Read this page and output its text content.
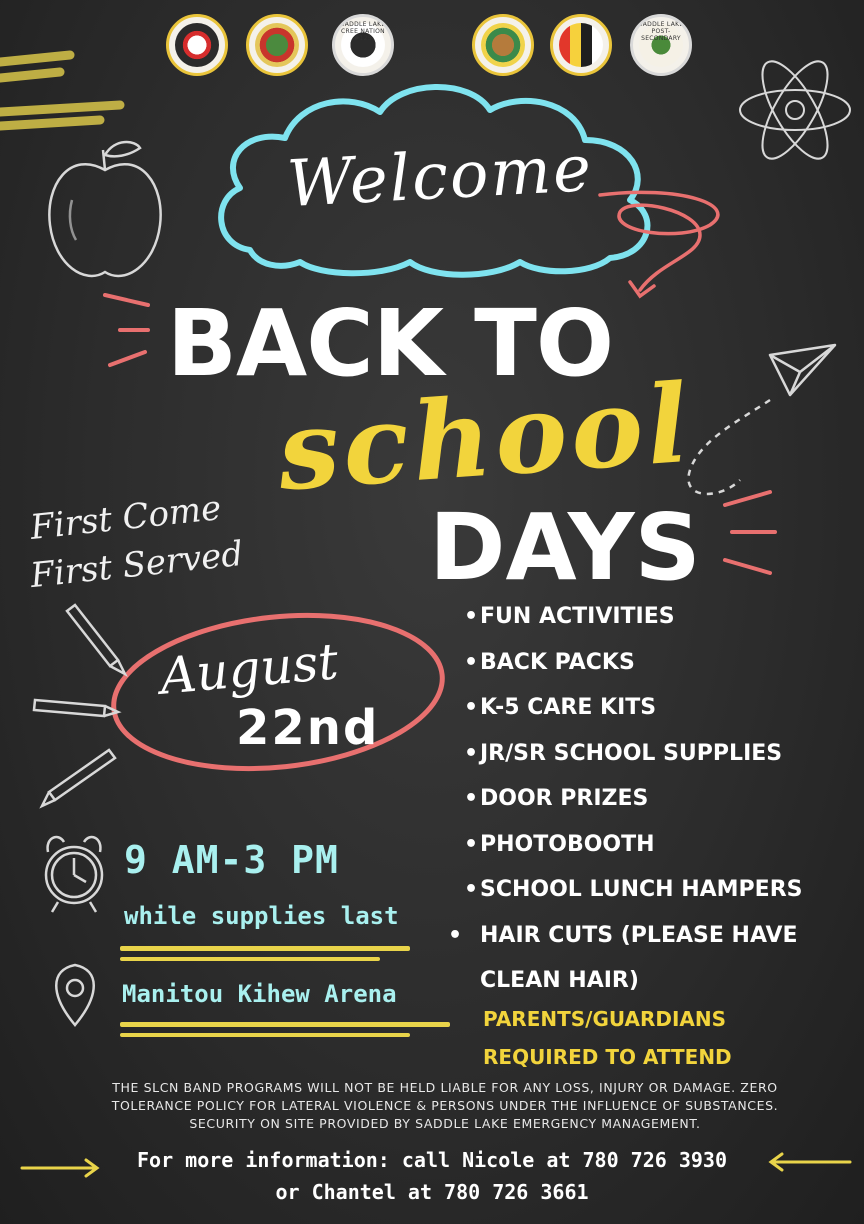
SADDLE LAKE CREE NATION #125
SADDLE LAKE POST-SECONDARY
Welcome
BACK TO
school
DAYS
First Come
First Served
August
22nd
9 AM-3 PM
while supplies last
Manitou Kihew Arena
•FUN ACTIVITIES
•BACK PACKS
•K-5 CARE KITS
•JR/SR SCHOOL SUPPLIES
•DOOR PRIZES
•PHOTOBOOTH
•SCHOOL LUNCH HAMPERS
• HAIR CUTS (PLEASE HAVE CLEAN HAIR)
PARENTS/GUARDIANS
REQUIRED TO ATTEND
THE SLCN BAND PROGRAMS WILL NOT BE HELD LIABLE FOR ANY LOSS, INJURY OR DAMAGE. ZERO TOLERANCE POLICY FOR LATERAL VIOLENCE & PERSONS UNDER THE INFLUENCE OF SUBSTANCES. SECURITY ON SITE PROVIDED BY SADDLE LAKE EMERGENCY MANAGEMENT.
For more information: call Nicole at 780 726 3930
or Chantel at 780 726 3661
